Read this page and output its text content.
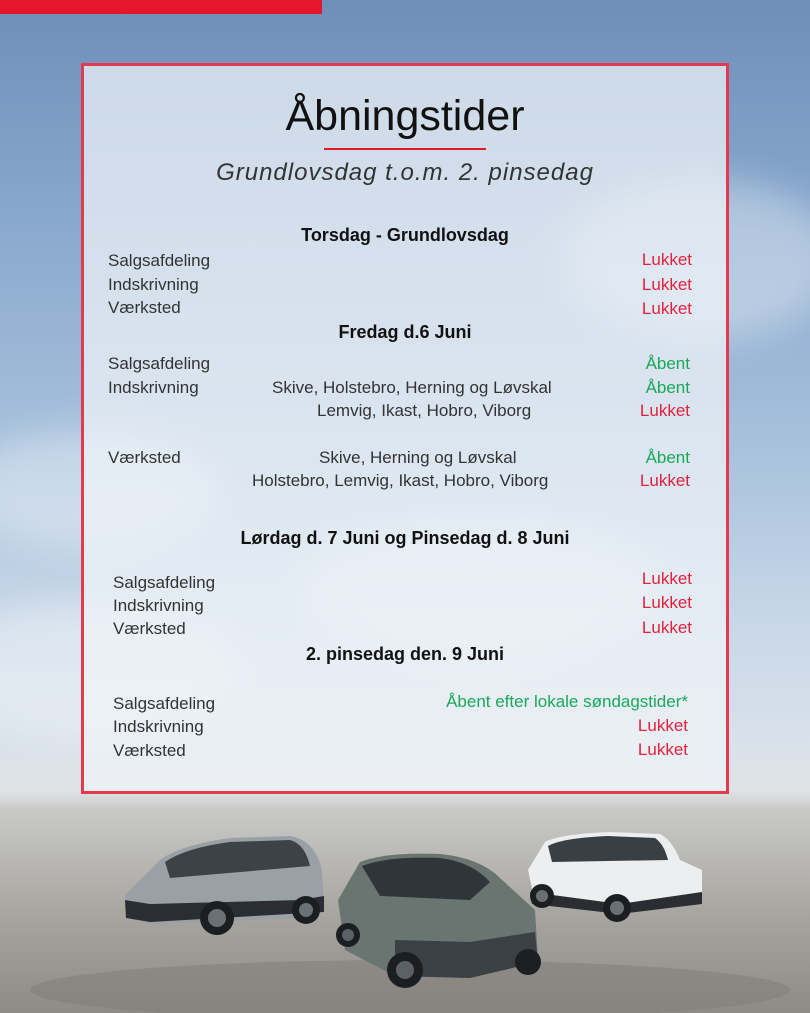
Åbningstider
Grundlovsdag t.o.m. 2. pinsedag
Torsdag - Grundlovsdag
Salgsafdeling	Lukket
Indskrivning	Lukket
Værksted	Lukket
Fredag d.6 Juni
Salgsafdeling	Åbent
Indskrivning	Skive, Holstebro, Herning og Løvskal	Åbent
Lemvig, Ikast, Hobro, Viborg	Lukket
Værksted	Skive, Herning og Løvskal	Åbent
Holstebro, Lemvig, Ikast, Hobro, Viborg	Lukket
Lørdag d. 7 Juni og Pinsedag d. 8 Juni
Salgsafdeling	Lukket
Indskrivning	Lukket
Værksted	Lukket
2. pinsedag den. 9 Juni
Salgsafdeling	Åbent efter lokale søndagstider*
Indskrivning	Lukket
Værksted	Lukket
